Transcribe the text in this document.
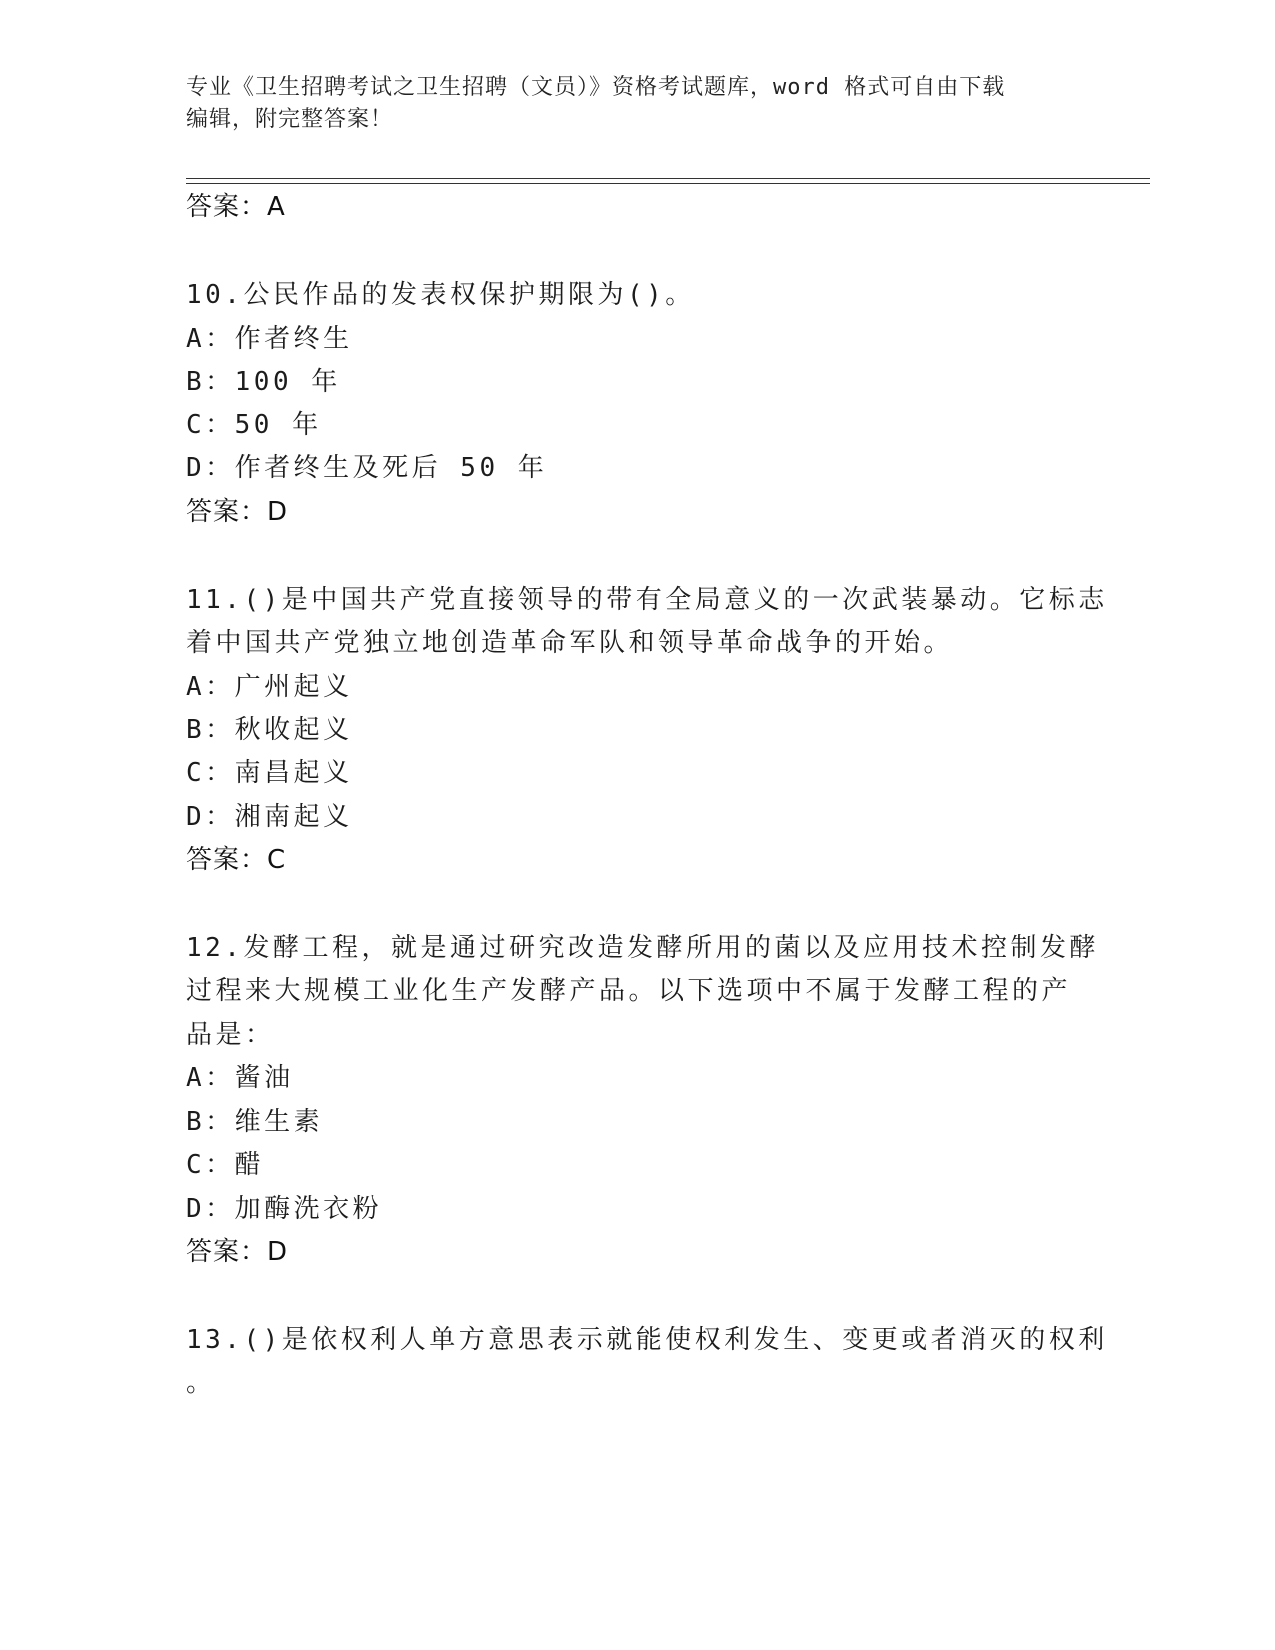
专业《卫生招聘考试之卫生招聘（文员）》资格考试题库，word 格式可自由下载
编辑，附完整答案！
答案：A
10.公民作品的发表权保护期限为()。
A：作者终生
B：100 年
C：50 年
D：作者终生及死后 50 年
答案：D
11.()是中国共产党直接领导的带有全局意义的一次武装暴动。它标志
着中国共产党独立地创造革命军队和领导革命战争的开始。
A：广州起义
B：秋收起义
C：南昌起义
D：湘南起义
答案：C
12.发酵工程，就是通过研究改造发酵所用的菌以及应用技术控制发酵
过程来大规模工业化生产发酵产品。以下选项中不属于发酵工程的产
品是：
A：酱油
B：维生素
C：醋
D：加酶洗衣粉
答案：D
13.()是依权利人单方意思表示就能使权利发生、变更或者消灭的权利
。
